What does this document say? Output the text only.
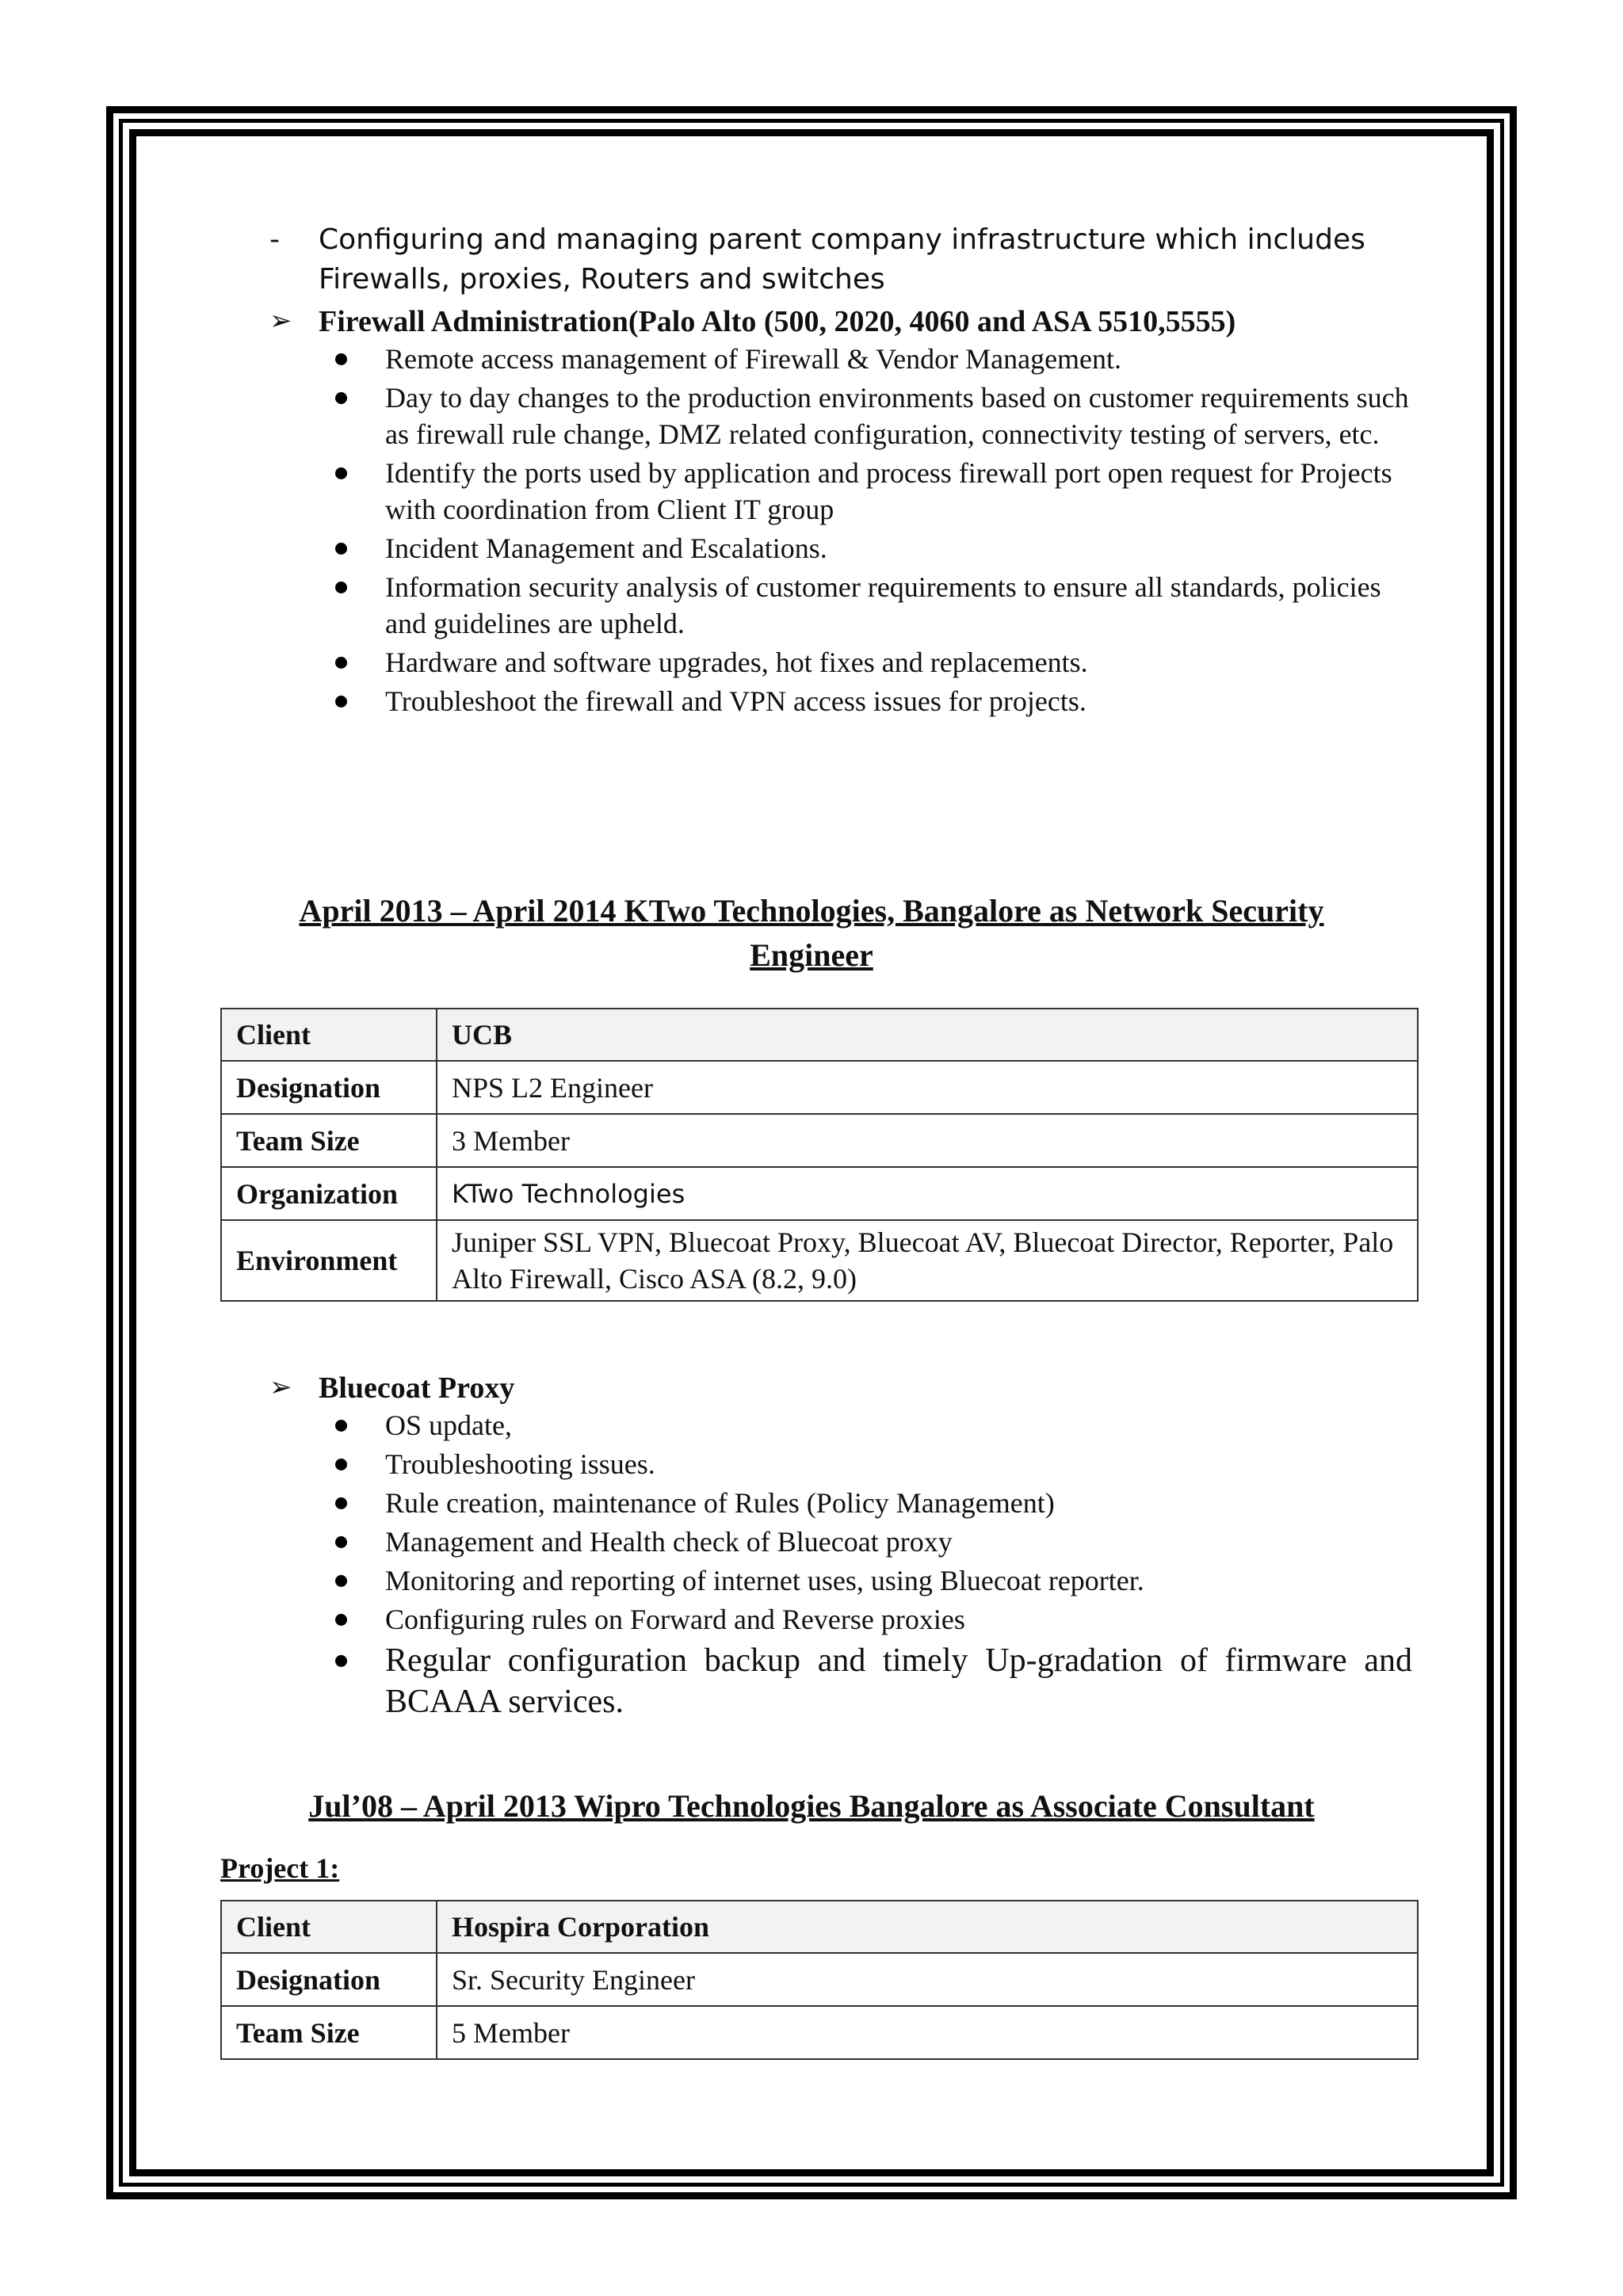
- Configuring and managing parent company infrastructure which includes
Firewalls, proxies, Routers and switches
➢ Firewall Administration(Palo Alto (500, 2020, 4060 and ASA 5510,5555)
Remote access management of Firewall & Vendor Management.
Day to day changes to the production environments based on customer requirements such as firewall rule change, DMZ related configuration, connectivity testing of servers, etc.
Identify the ports used by application and process firewall port open request for Projects with coordination from Client IT group
Incident Management and Escalations.
Information security analysis of customer requirements to ensure all standards, policies and guidelines are upheld.
Hardware and software upgrades, hot fixes and replacements.
Troubleshoot the firewall and VPN access issues for projects.
April 2013 – April 2014 KTwo Technologies, Bangalore as Network Security
Engineer
Client	UCB
Designation	NPS L2 Engineer
Team Size	3 Member
Organization	KTwo Technologies
Environment	Juniper SSL VPN, Bluecoat Proxy, Bluecoat AV, Bluecoat Director, Reporter, Palo Alto Firewall, Cisco ASA (8.2, 9.0)
➢ Bluecoat Proxy
OS update,
Troubleshooting issues.
Rule creation, maintenance of Rules (Policy Management)
Management and Health check of Bluecoat proxy
Monitoring and reporting of internet uses, using Bluecoat reporter.
Configuring rules on Forward and Reverse proxies
Regular configuration backup and timely Up-gradation of firmware and BCAAA services.
Jul’08 – April 2013 Wipro Technologies Bangalore as Associate Consultant
Project 1:
Client	Hospira Corporation
Designation	Sr. Security Engineer
Team Size	5 Member
